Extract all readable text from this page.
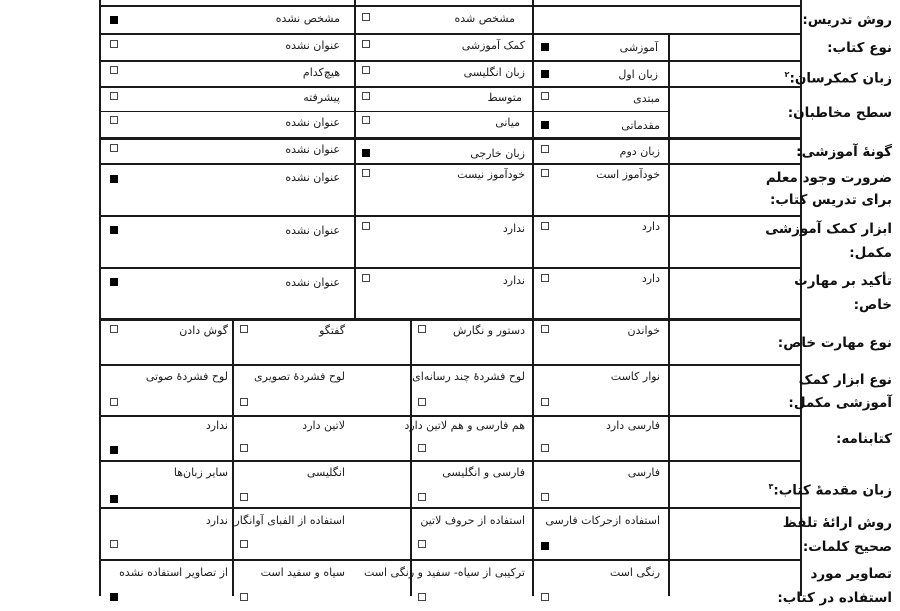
روش تدریس:
مشخص شده
مشخص نشده
نوع کتاب:
آموزشی
کمک آموزشی
عنوان نشده
زبان کمکرسان:$^۲$
زبان اول
زبان انگلیسی
هیچ‌کدام
سطح مخاطبان:
مبتدی
متوسط
پیشرفته
مقدماتی
میانی
عنوان نشده
گونهٔ آموزشی:
زبان دوم
زبان خارجی
عنوان نشده
ضرورت وجود معلم
برای تدریس کتاب:
خودآموز است
خودآموز نیست
عنوان نشده
ابزار کمک آموزشی
مکمل:
دارد
ندارد
عنوان نشده
تأکید بر مهارت
خاص:
دارد
ندارد
عنوان نشده
نوع مهارت خاص:
خواندن
دستور و نگارش
گفتگو
گوش دادن
نوع ابزار کمک
آموزشی مکمل:
نوار کاست
لوح فشردهٔ چند رسانه‌ای
لوح فشردهٔ تصویری
لوح فشردهٔ صوتی
کتابنامه:
فارسی دارد
هم فارسی و هم لاتین دارد
لاتین دارد
ندارد
زبان مقدمهٔ کتاب:$^۳$
فارسی
فارسی و انگلیسی
انگلیسی
سایر زبان‌ها
روش ارائهٔ تلفظ
صحیح کلمات:
استفاده ازحرکات فارسی
استفاده از حروف لاتین
استفاده از الفبای آوانگار
ندارد
تصاویر مورد
استفاده در کتاب:
رنگی است
ترکیبی از سیاه- سفید و رنگی است
سیاه و سفید است
از تصاویر استفاده نشده
